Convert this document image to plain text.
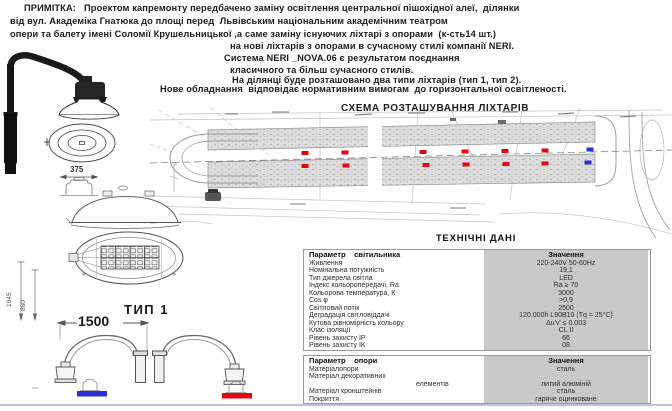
ПРИМІТКА:   Проектом капремонту передбачено заміну освітлення центральної пішохідної алеї,  ділянки
від вул. Академіка Гнатюка до площі перед  Львівським національним академічним театром
опери та балету імені Соломії Крушельницької ,а саме заміну існуючих ліхтарі з опорами  (к-сть14 шт.)
на нові ліхтарів з опорами в сучасному стилі компанії NERI.
Система NERI _NOVA.06 є результатом поєднання
класичного та більш сучасного стилів.
На ділянці буде розташовано два типи ліхтарів (тип 1, тип 2).
Нове обладнання  відповідає нормативним вимогам  до горизонтальної освітленості.
СХЕМА РОЗТАШУВАННЯ ЛІХТАРІВ
375
1045 860	ТИП 1
1500
ТЕХНІЧНІ ДАНІ
Параметр    світильника	Значення
Живлення	220-240V 50-60Hz
Номінальна потужність	19,1
Тип джерела світла	LED
Індекс кольоропередачі, Ra	Ra ≥ 70
Кольорова температура, К	3000
Cos φ	>0,9
Світловий потік	2500
Деградація світловіддачі	120.000h L90B10 (Tq = 25°C)
Кутова рівномірність кольору	Δu'v' ≤ 0.003
Клас ізоляції	CL II
Рівень захисту IP	66
Рівень захисту IK	08
Параметр    опори	Значення
Матеріалопори	сталь
Матеріал декоративних
елементів	литий алюміній
Матеріал кронштейнів	сталь
Покриття	гаряче оцинковане
